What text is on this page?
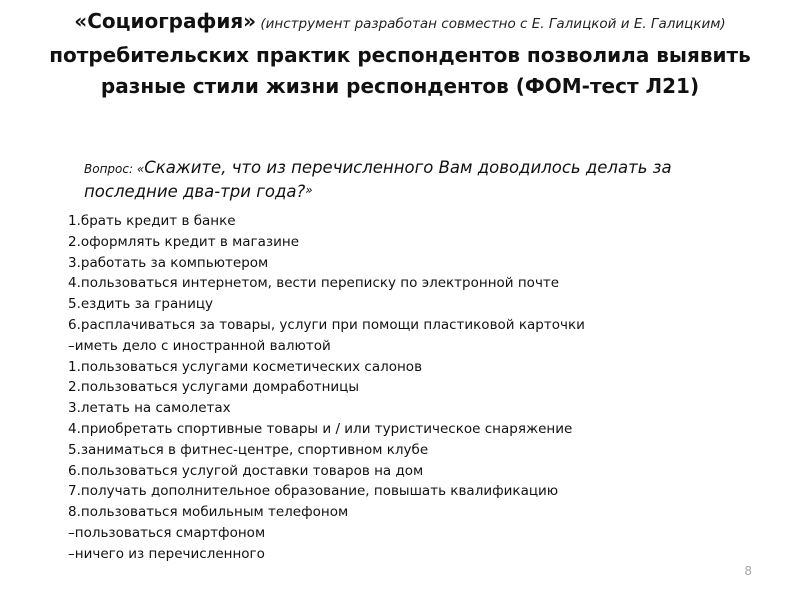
«Социография» (инструмент разработан совместно с Е. Галицкой и Е. Галицким) потребительских практик респондентов позволила выявить разные стили жизни респондентов (ФОМ-тест Л21)
Вопрос: «Скажите, что из перечисленного Вам доводилось делать за последние два-три года?»
1.брать кредит в банке
2.оформлять кредит в магазине
3.работать за компьютером
4.пользоваться интернетом, вести переписку по электронной почте
5.ездить за границу
6.расплачиваться за товары, услуги при помощи пластиковой карточки
–иметь дело с иностранной валютой
1.пользоваться услугами косметических салонов
2.пользоваться услугами домработницы
3.летать на самолетах
4.приобретать спортивные товары и / или туристическое снаряжение
5.заниматься в фитнес-центре, спортивном клубе
6.пользоваться услугой доставки товаров на дом
7.получать дополнительное образование, повышать квалификацию
8.пользоваться мобильным телефоном
–пользоваться смартфоном
–ничего из перечисленного
8
